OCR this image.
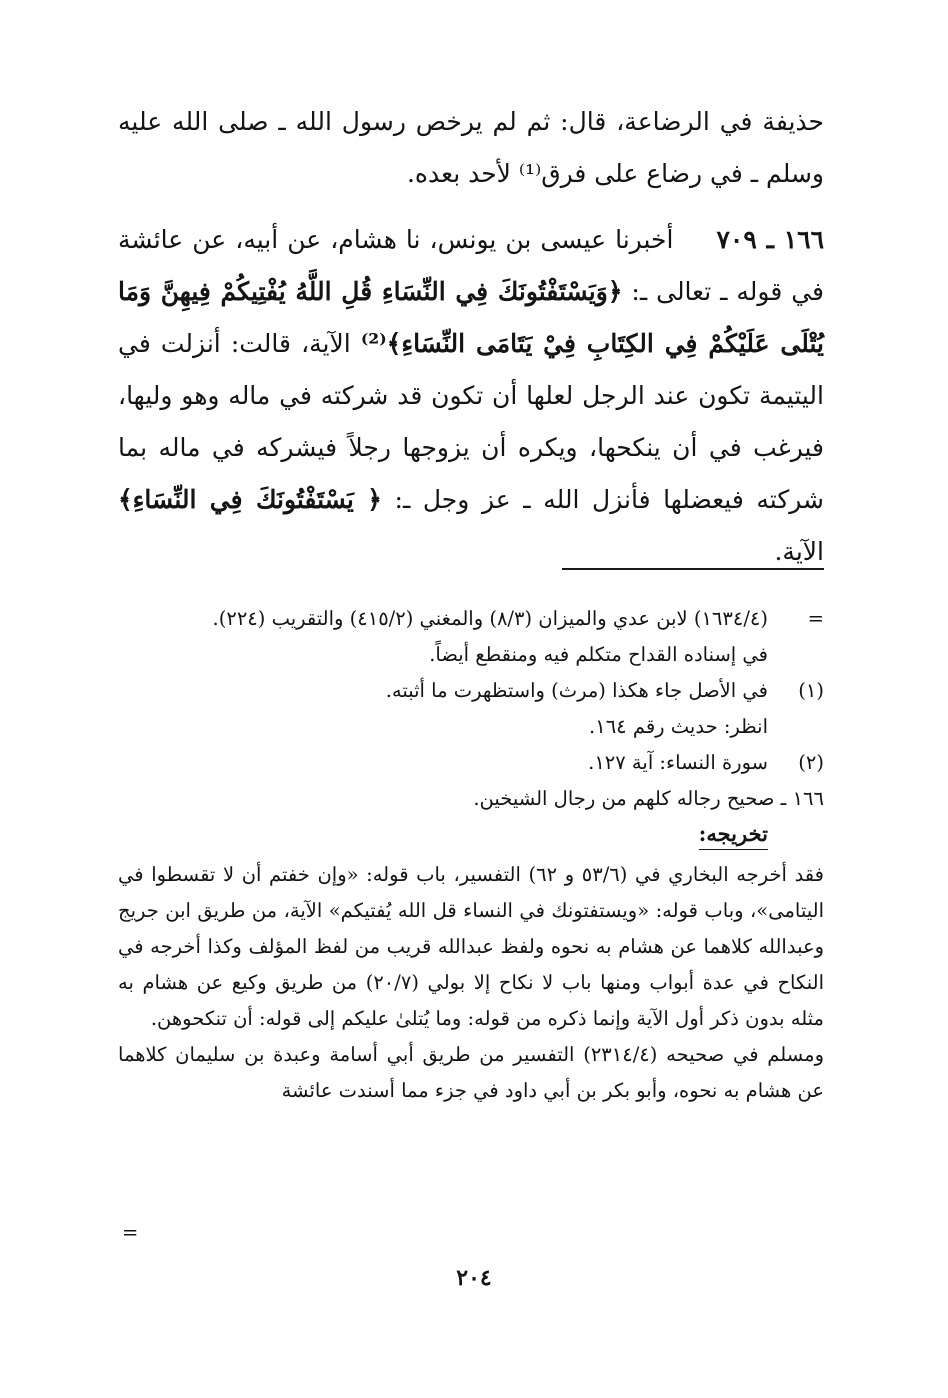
حذيفة في الرضاعة، قال: ثم لم يرخص رسول الله ـ صلى الله عليه وسلم ـ في رضاع على فرق⁽¹⁾ لأحد بعده.

١٦٦ ـ ٧٠٩ أخبرنا عيسى بن يونس، نا هشام، عن أبيه، عن عائشة في قوله ـ تعالى ـ: ﴿وَيَسْتَفْتُونَكَ فِي النِّسَاءِ قُلِ اللَّهُ يُفْتِيكُمْ فِيهِنَّ وَمَا يُتْلَى عَلَيْكُمْ فِي الكِتَابِ فِيْ يَتَامَى النِّسَاءِ﴾⁽²⁾ الآية، قالت: أنزلت في اليتيمة تكون عند الرجل لعلها أن تكون قد شركته في ماله وهو وليها، فيرغب في أن ينكحها، ويكره أن يزوجها رجلاً فيشركه في ماله بما شركته فيعضلها فأنزل الله ـ عز وجل ـ: ﴿ يَسْتَفْتُونَكَ فِي النِّسَاءِ﴾ الآية.

=

(١٦٣٤/٤) لابن عدي والميزان (٨/٣) والمغني (٤١٥/٢) والتقريب (٢٢٤).

في إسناده القداح متكلم فيه ومنقطع أيضاً.

(١)

في الأصل جاء هكذا (مرث) واستظهرت ما أثبته.

انظر: حديث رقم ١٦٤.

(٢)

سورة النساء: آية ١٢٧.

١٦٦ ـ صحيح رجاله كلهم من رجال الشيخين.

تخريجه:

فقد أخرجه البخاري في (٥٣/٦ و ٦٢) التفسير، باب قوله: «وإن خفتم أن لا تقسطوا في اليتامى»، وباب قوله: «ويستفتونك في النساء قل الله يُفتيكم» الآية، من طريق ابن جريج وعبدالله كلاهما عن هشام به نحوه ولفظ عبدالله قريب من لفظ المؤلف وكذا أخرجه في النكاح في عدة أبواب ومنها باب لا نكاح إلا بولي (٢٠/٧) من طريق وكيع عن هشام به مثله بدون ذكر أول الآية وإنما ذكره من قوله: وما يُتلىٰ عليكم إلى قوله: أن تنكحوهن.

ومسلم في صحيحه (٢٣١٤/٤) التفسير من طريق أبي أسامة وعبدة بن سليمان كلاهما عن هشام به نحوه، وأبو بكر بن أبي داود في جزء مما أسندت عائشة

=
٢٠٤
